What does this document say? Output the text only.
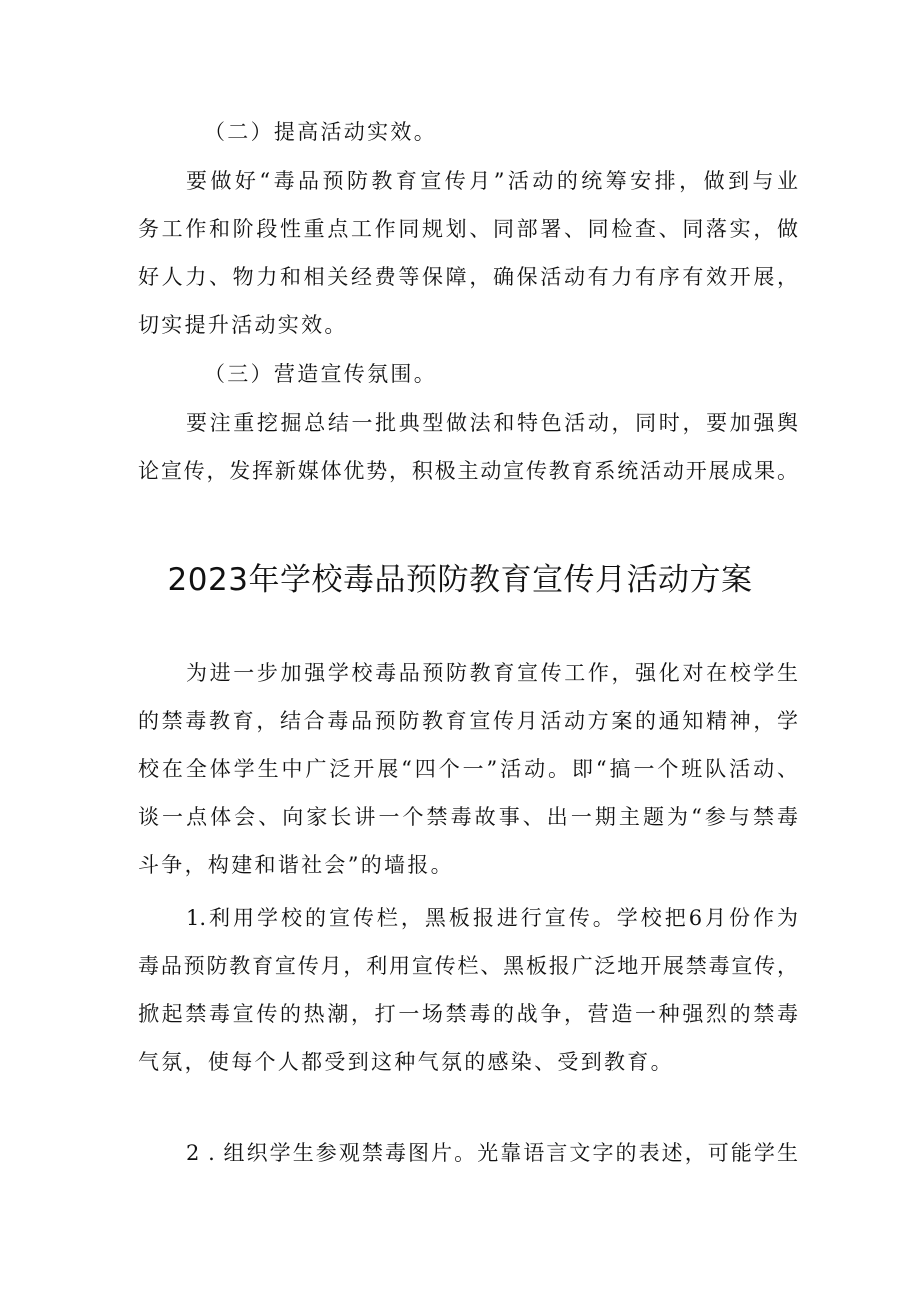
（二）提高活动实效。
要做好“毒品预防教育宣传月”活动的统筹安排，做到与业
务工作和阶段性重点工作同规划、同部署、同检查、同落实，做
好人力、物力和相关经费等保障，确保活动有力有序有效开展，
切实提升活动实效。
（三）营造宣传氛围。
要注重挖掘总结一批典型做法和特色活动，同时，要加强舆
论宣传，发挥新媒体优势，积极主动宣传教育系统活动开展成果。
2023年学校毒品预防教育宣传月活动方案
为进一步加强学校毒品预防教育宣传工作，强化对在校学生
的禁毒教育，结合毒品预防教育宣传月活动方案的通知精神，学
校在全体学生中广泛开展“四个一”活动。即“搞一个班队活动、
谈一点体会、向家长讲一个禁毒故事、出一期主题为“参与禁毒
斗争，构建和谐社会”的墙报。
1.利用学校的宣传栏，黑板报进行宣传。学校把6月份作为
毒品预防教育宣传月，利用宣传栏、黑板报广泛地开展禁毒宣传，
掀起禁毒宣传的热潮，打一场禁毒的战争，营造一种强烈的禁毒
气氛，使每个人都受到这种气氛的感染、受到教育。
2 . 组织学生参观禁毒图片。光靠语言文字的表述，可能学生
